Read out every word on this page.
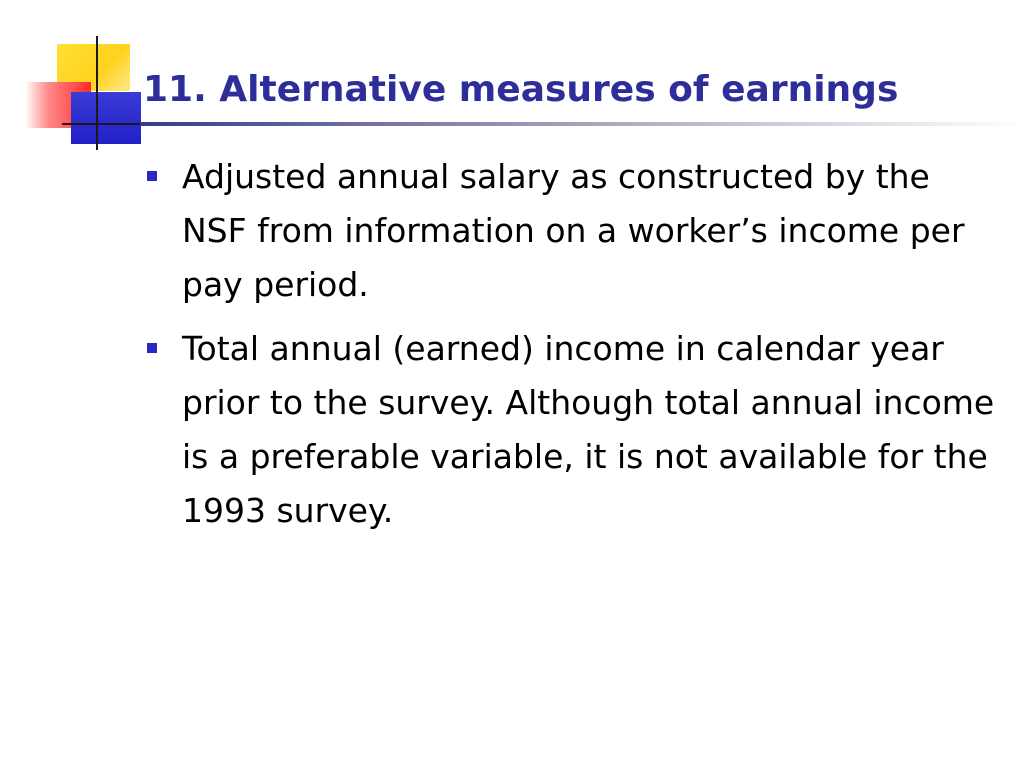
11. Alternative measures of earnings
Adjusted annual salary as constructed by the NSF from information on a worker’s income per pay period.
Total annual (earned) income in calendar year prior to the survey. Although total annual income is a preferable variable, it is not available for the 1993 survey.
